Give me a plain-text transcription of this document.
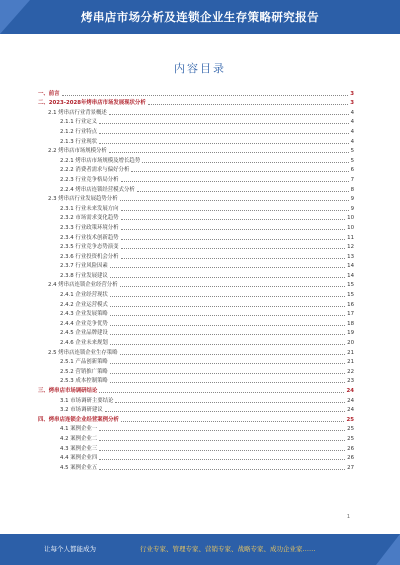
烤串店市场分析及连锁企业生存策略研究报告
内容目录
一、前言	3
二、2023-2028年烤串店市场发展现状分析	3
2.1 烤串店行业背景概述	4
2.1.1 行业定义	4
2.1.2 行业特点	4
2.1.3 行业现状	4
2.2 烤串店市场规模分析	5
2.2.1 烤串店市场规模及增长趋势	5
2.2.2 消费者需求与偏好分析	6
2.2.3 行业竞争格局分析	7
2.2.4 烤串店连锁经营模式分析	8
2.3 烤串店行业发展趋势分析	9
2.3.1 行业未来发展方向	9
2.3.2 市场需求变化趋势	10
2.3.3 行业政策环境分析	10
2.3.4 行业技术创新趋势	11
2.3.5 行业竞争态势演变	12
2.3.6 行业投资机会分析	13
2.3.7 行业风险因素	14
2.3.8 行业发展建议	14
2.4 烤串店连锁企业经营分析	15
2.4.1 企业经营现状	15
2.4.2 企业运营模式	16
2.4.3 企业发展策略	17
2.4.4 企业竞争优势	18
2.4.5 企业品牌建设	19
2.4.6 企业未来规划	20
2.5 烤串店连锁企业生存策略	21
2.5.1 产品创新策略	21
2.5.2 营销推广策略	22
2.5.3 成本控制策略	23
三、烤串店市场调研结论	24
3.1 市场调研主要结论	24
3.2 市场调研建议	24
四、烤串店连锁企业经营案例分析	25
4.1 案例企业一	25
4.2 案例企业二	25
4.3 案例企业三	26
4.4 案例企业四	26
4.5 案例企业五	27
1
让每个人都能成为	行业专家、管理专家、营销专家、战略专家、成功企业家……
